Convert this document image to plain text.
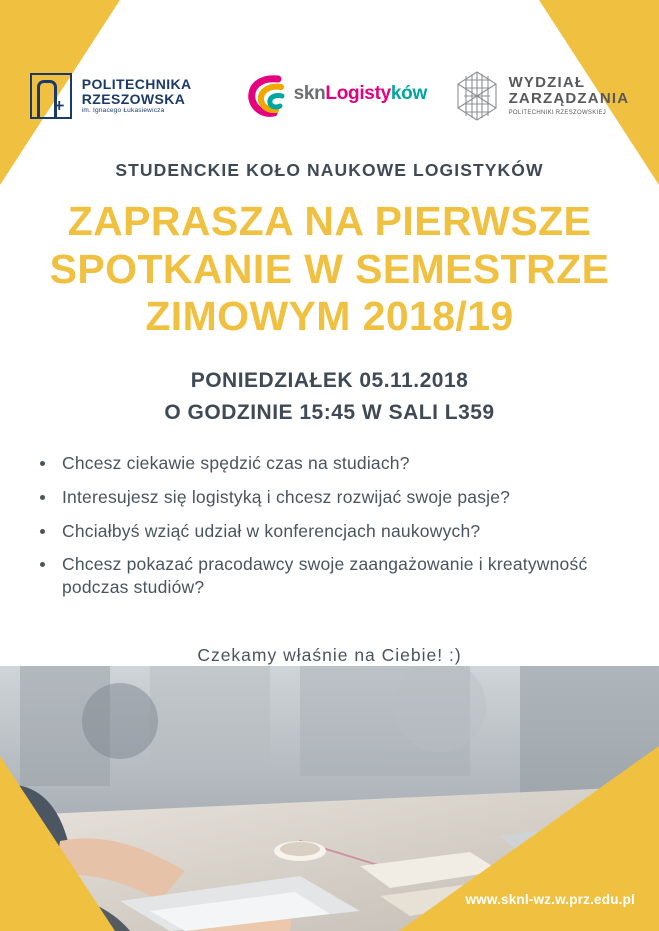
POLITECHNIKA
RZESZOWSKA
im. Ignacego Łukasiewicza
sknLogistyków
WYDZIAŁ
ZARZĄDZANIA
POLITECHNIKI RZESZOWSKIEJ
STUDENCKIE KOŁO NAUKOWE LOGISTYKÓW
ZAPRASZA NA PIERWSZE
SPOTKANIE W SEMESTRZE
ZIMOWYM 2018/19
PONIEDZIAŁEK 05.11.2018
O GODZINIE 15:45 W SALI L359
Chcesz ciekawie spędzić czas na studiach?
Interesujesz się logistyką i chcesz rozwijać swoje pasje?
Chciałbyś wziąć udział w konferencjach naukowych?
Chcesz pokazać pracodawcy swoje zaangażowanie i kreatywność podczas studiów?
Czekamy właśnie na Ciebie! :)
www.sknl-wz.w.prz.edu.pl
